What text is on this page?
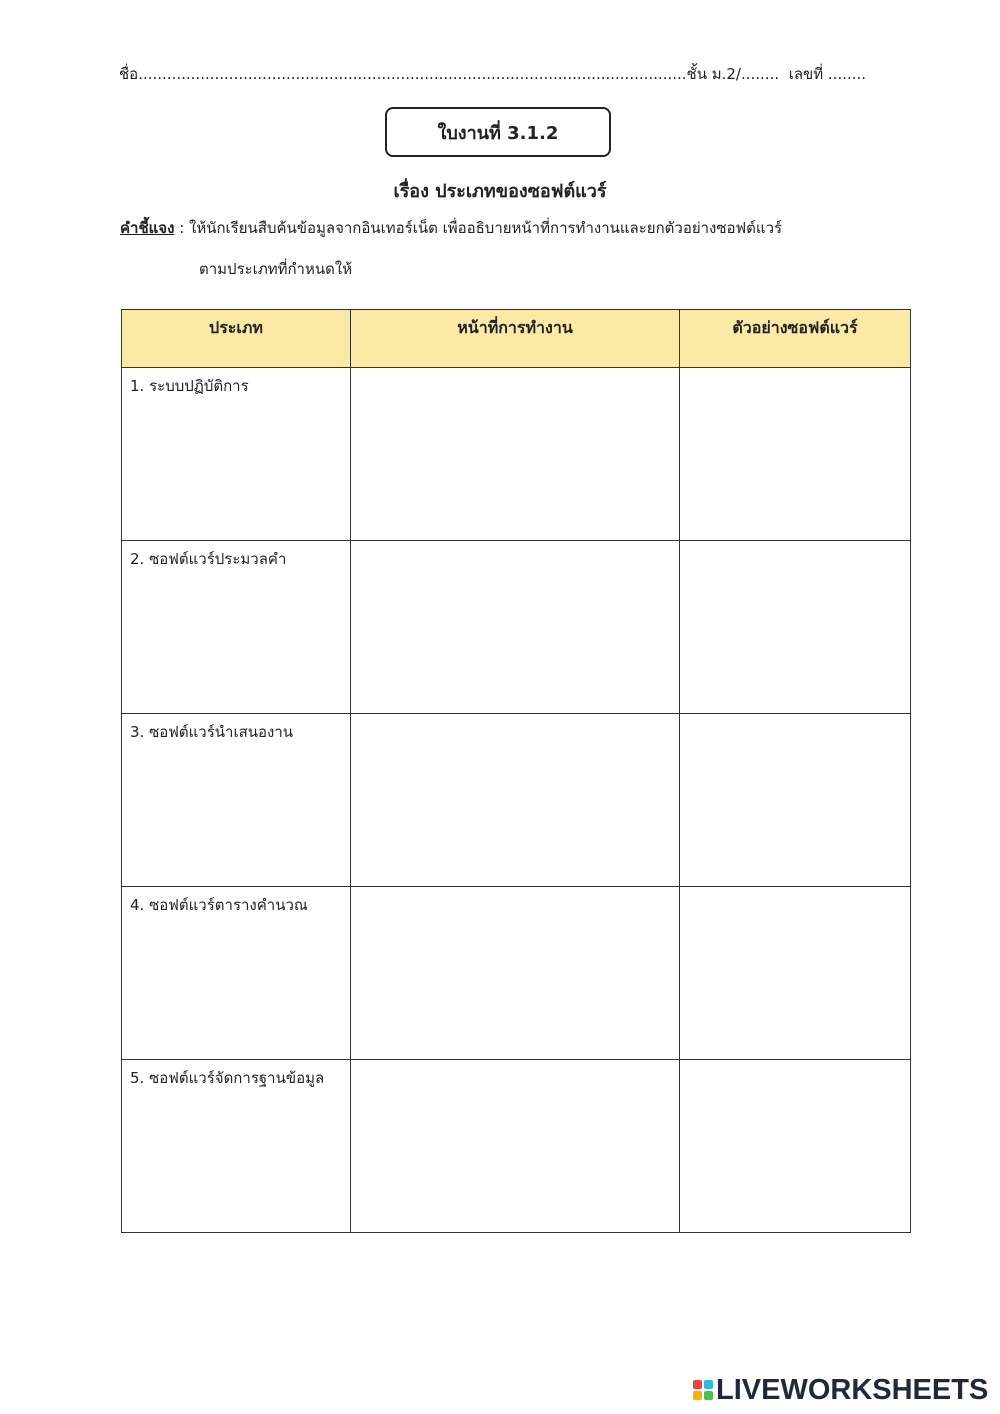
ชื่อ...................................................................................................................ชั้น ม.2/........ เลขที่ ........
ใบงานที่ 3.1.2
เรื่อง ประเภทของซอฟต์แวร์
คำชี้แจง : ให้นักเรียนสืบค้นข้อมูลจากอินเทอร์เน็ต เพื่ออธิบายหน้าที่การทำงานและยกตัวอย่างซอฟต์แวร์
ตามประเภทที่กำหนดให้
ประเภท	หน้าที่การทำงาน	ตัวอย่างซอฟต์แวร์
1. ระบบปฏิบัติการ		
2. ซอฟต์แวร์ประมวลคำ		
3. ซอฟต์แวร์นำเสนองาน		
4. ซอฟต์แวร์ตารางคำนวณ		
5. ซอฟต์แวร์จัดการฐานข้อมูล		
LIVEWORKSHEETS
